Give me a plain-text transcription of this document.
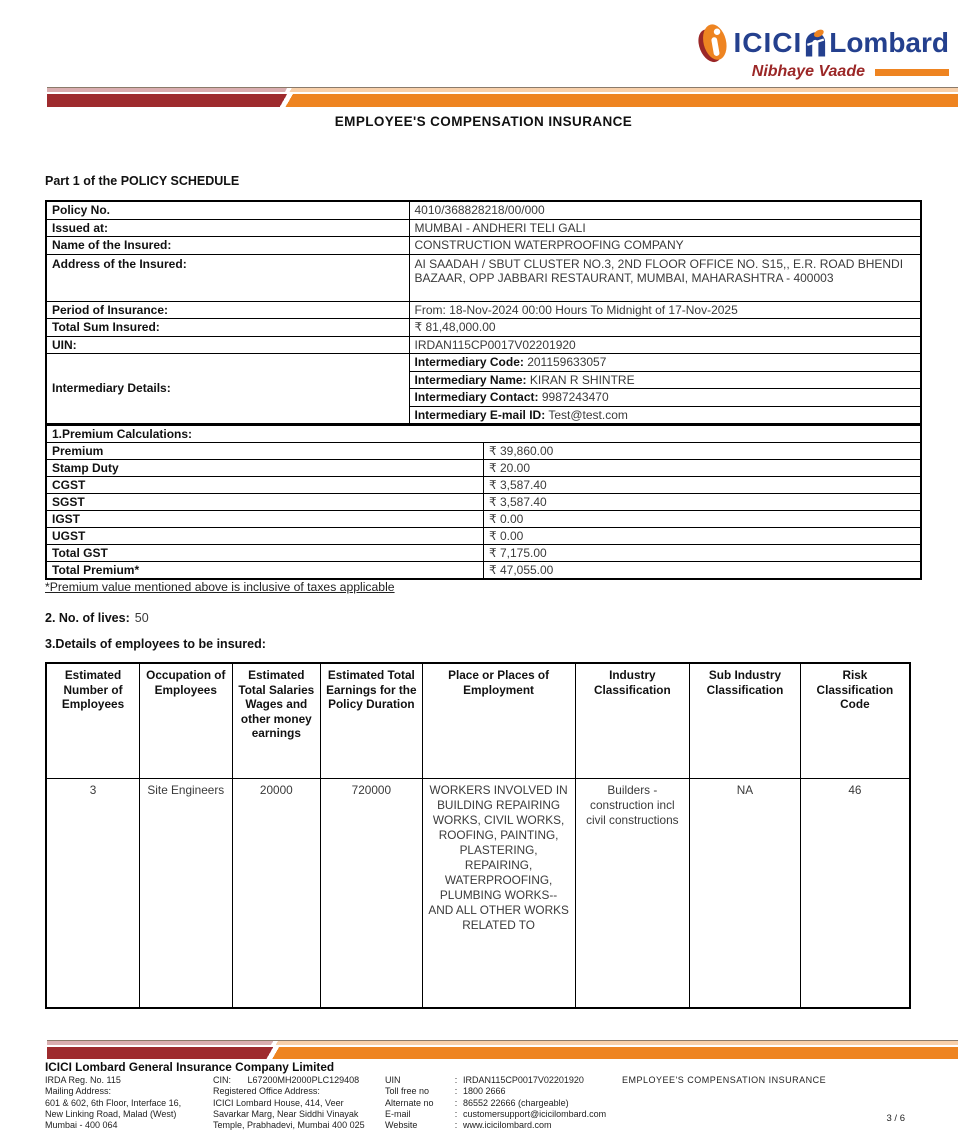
ICICI Lombard
Nibhaye Vaade
EMPLOYEE'S COMPENSATION INSURANCE
Part 1 of the POLICY SCHEDULE
Policy No.	4010/368828218/00/000
Issued at:	MUMBAI - ANDHERI TELI GALI
Name of the Insured:	CONSTRUCTION WATERPROOFING COMPANY
Address of the Insured:	AI SAADAH / SBUT CLUSTER NO.3, 2ND FLOOR OFFICE NO. S15,, E.R. ROAD BHENDI BAZAAR, OPP JABBARI RESTAURANT, MUMBAI, MAHARASHTRA - 400003
Period of Insurance:	From: 18-Nov-2024 00:00 Hours To Midnight of 17-Nov-2025
Total Sum Insured:	₹ 81,48,000.00
UIN:	IRDAN115CP0017V02201920
Intermediary Details:	Intermediary Code: 201159633057
	Intermediary Name: KIRAN R SHINTRE
	Intermediary Contact: 9987243470
	Intermediary E-mail ID: Test@test.com
1.Premium Calculations:	
Premium	₹ 39,860.00
Stamp Duty	₹ 20.00
CGST	₹ 3,587.40
SGST	₹ 3,587.40
IGST	₹ 0.00
UGST	₹ 0.00
Total GST	₹ 7,175.00
Total Premium*	₹ 47,055.00
*Premium value mentioned above is inclusive of taxes applicable
2. No. of lives: 50
3.Details of employees to be insured:
Estimated Number of Employees	Occupation of Employees	Estimated Total Salaries Wages and other money earnings	Estimated Total Earnings for the Policy Duration	Place or Places of Employment	Industry Classification	Sub Industry Classification	Risk Classification Code
3	Site Engineers	20000	720000	WORKERS INVOLVED IN BUILDING REPAIRING WORKS, CIVIL WORKS, ROOFING, PAINTING, PLASTERING, REPAIRING, WATERPROOFING, PLUMBING WORKS--AND ALL OTHER WORKS RELATED TO	Builders - construction incl civil constructions	NA	46
ICICI Lombard General Insurance Company Limited
IRDA Reg. No. 115
Mailing Address:
601 & 602, 6th Floor, Interface 16,
New Linking Road, Malad (West)
Mumbai - 400 064
CIN: L67200MH2000PLC129408
Registered Office Address:
ICICI Lombard House, 414, Veer
Savarkar Marg, Near Siddhi Vinayak
Temple, Prabhadevi, Mumbai 400 025
UIN	: IRDAN115CP0017V02201920
Toll free no	: 1800 2666
Alternate no	: 86552 22666 (chargeable)
E-mail	: customersupport@icicilombard.com
Website	: www.icicilombard.com
EMPLOYEE'S COMPENSATION INSURANCE
3 / 6
